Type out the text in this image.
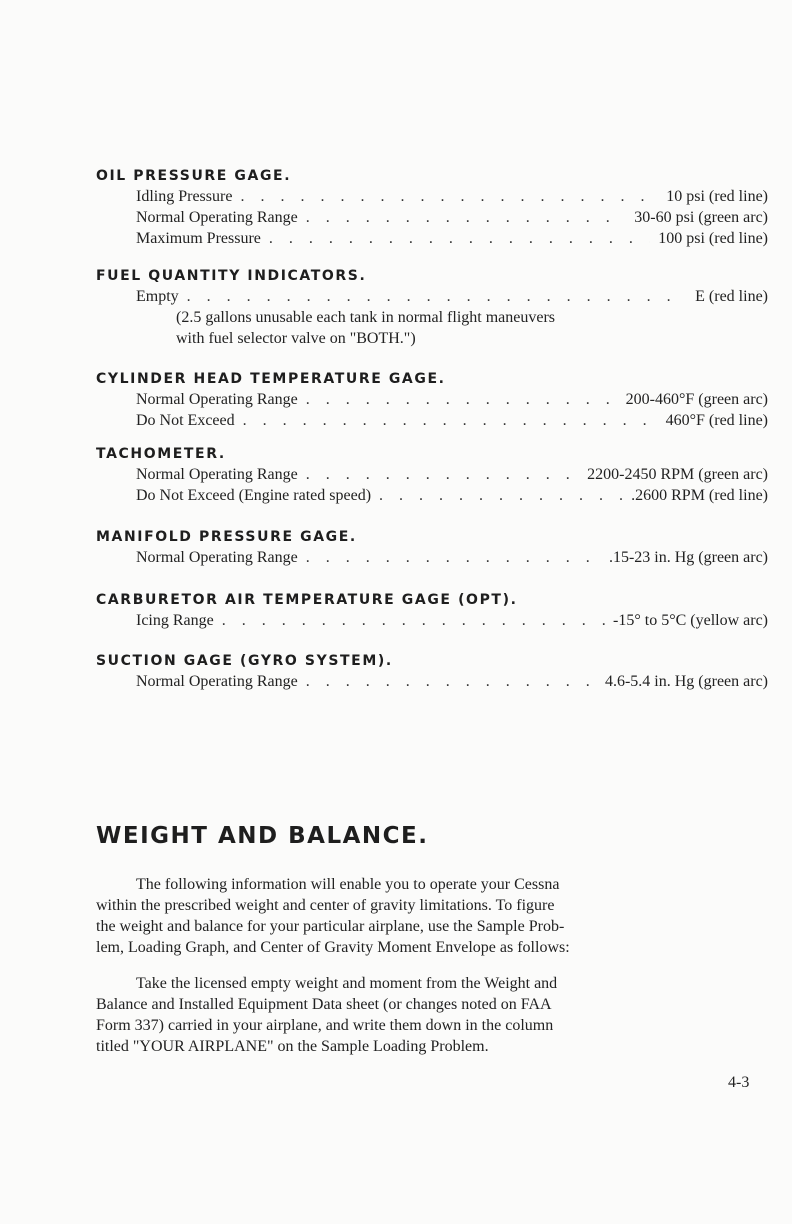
OIL PRESSURE GAGE.
Idling Pressure . . .	10 psi (red line)
Normal Operating Range . . .	30-60 psi (green arc)
Maximum Pressure . . .	100 psi (red line)
FUEL QUANTITY INDICATORS.
Empty . . .	E (red line)
(2.5 gallons unusable each tank in normal flight maneuvers
with fuel selector valve on "BOTH.")
CYLINDER HEAD TEMPERATURE GAGE.
Normal Operating Range . . .	200-460°F (green arc)
Do Not Exceed . . .	460°F (red line)
TACHOMETER.
Normal Operating Range . . .	2200-2450 RPM (green arc)
Do Not Exceed (Engine rated speed) . . .	.2600 RPM (red line)
MANIFOLD PRESSURE GAGE.
Normal Operating Range . . .	.15-23 in. Hg (green arc)
CARBURETOR AIR TEMPERATURE GAGE (OPT).
Icing Range . . .	-15° to 5°C (yellow arc)
SUCTION GAGE (GYRO SYSTEM).
Normal Operating Range . . .	4.6-5.4 in. Hg (green arc)
WEIGHT AND BALANCE.

The following information will enable you to operate your Cessna
within the prescribed weight and center of gravity limitations. To figure
the weight and balance for your particular airplane, use the Sample Prob-
lem, Loading Graph, and Center of Gravity Moment Envelope as follows:

Take the licensed empty weight and moment from the Weight and
Balance and Installed Equipment Data sheet (or changes noted on FAA
Form 337) carried in your airplane, and write them down in the column
titled "YOUR AIRPLANE" on the Sample Loading Problem.

4-3
